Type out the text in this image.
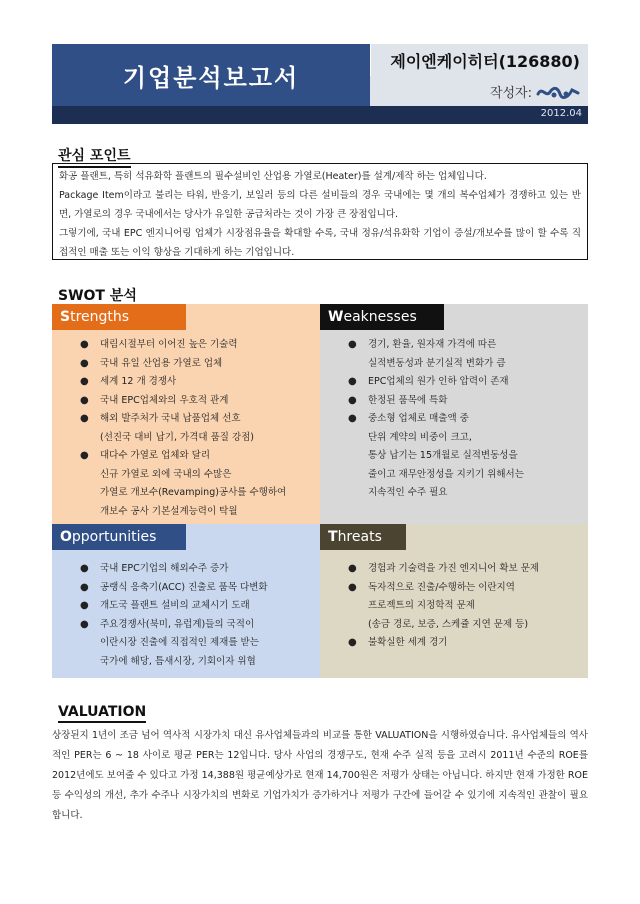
기업분석보고서
제이엔케이히터(126880)
작성자:
2012.04
관심 포인트

화공 플랜트, 특히 석유화학 플랜트의 필수설비인 산업용 가열로(Heater)를 설계/제작 하는 업체입니다.

Package Item이라고 불리는 타워, 반응기, 보일러 등의 다른 설비들의 경우 국내에는 몇 개의 복수업체가 경쟁하고 있는 반면, 가열로의 경우 국내에서는 당사가 유일한 공급처라는 것이 가장 큰 장점입니다.

그렇기에, 국내 EPC 엔지니어링 업체가 시장점유율을 확대할 수록, 국내 정유/석유화학 기업이 증설/개보수를 많이 할 수록 직접적인 매출 또는 이익 향상을 기대하게 하는 기업입니다.

SWOT 분석
S trengths
● 대림시절부터 이어진 높은 기술력
● 국내 유일 산업용 가열로 업체
● 세계 12 개 경쟁사
● 국내 EPC업체와의 우호적 관계
● 해외 발주처가 국내 납품업체 선호
(선진국 대비 납기, 가격대 품질 강점)
● 대다수 가열로 업체와 달리
신규 가열로 외에 국내의 수많은
가열로 개보수(Revamping)공사를 수행하여
개보수 공사 기본설계능력이 탁월
W eaknesses
● 경기, 환율, 원자재 가격에 따른
실적변동성과 분기실적 변화가 큼
● EPC업체의 원가 인하 압력이 존재
● 한정된 품목에 특화
● 중소형 업체로 매출액 중
단위 계약의 비중이 크고,
통상 납기는 15개월로 실적변동성을
줄이고 재무안정성을 지키기 위해서는
지속적인 수주 필요
O pportunities
● 국내 EPC기업의 해외수주 증가
● 공랭식 응축기(ACC) 진출로 품목 다변화
● 개도국 플랜트 설비의 교체시기 도래
● 주요경쟁사(북미, 유럽계)들의 국적이
이란시장 진출에 직접적인 제재를 받는
국가에 해당, 틈새시장, 기회이자 위협
T hreats
● 경험과 기술력을 가진 엔지니어 확보 문제
● 독자적으로 진출/수행하는 이란지역
프로젝트의 지정학적 문제
(송금 경로, 보증, 스케쥴 지연 문제 등)
● 불확실한 세계 경기
VALUATION

상장된지 1년이 조금 넘어 역사적 시장가치 대신 유사업체들과의 비교를 통한 VALUATION을 시행하였습니다. 유사업체들의 역사적인 PER는 6 ~ 18 사이로 평균 PER는 12입니다. 당사 사업의 경쟁구도, 현재 수주 실적 등을 고려시 2011년 수준의 ROE를 2012년에도 보여줄 수 있다고 가정 14,388원 평균예상가로 현재 14,700원은 저평가 상태는 아닙니다. 하지만 현재 가정한 ROE등 수익성의 개선, 추가 수주나 시장가치의 변화로 기업가치가 증가하거나 저평가 구간에 들어갈 수 있기에 지속적인 관찰이 필요합니다.
